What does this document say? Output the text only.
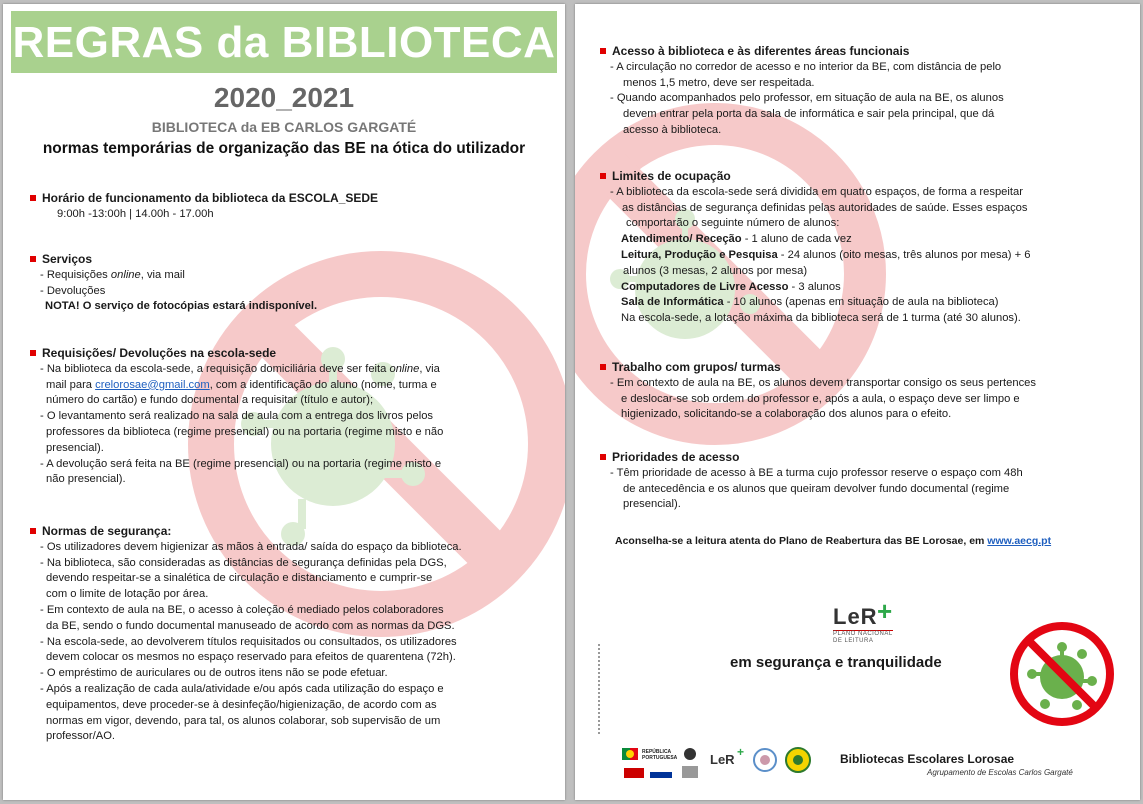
REGRAS da BIBLIOTECA
2020_2021
BIBLIOTECA da EB CARLOS GARGATÉ
normas temporárias de organização das BE na ótica do utilizador
Horário de funcionamento da biblioteca da ESCOLA_SEDE
9:00h -13:00h | 14.00h - 17.00h
Serviços
- Requisições online, via mail
- Devoluções
NOTA! O serviço de fotocópias estará indisponível.
Requisições/ Devoluções na escola-sede
- Na biblioteca da escola-sede, a requisição domiciliária deve ser feita online, via
mail para crelorosae@gmail.com, com a identificação do aluno (nome, turma e
número do cartão) e fundo documental a requisitar (título e autor);
- O levantamento será realizado na sala de aula com a entrega dos livros pelos
professores da biblioteca (regime presencial) ou na portaria (regime misto e não
presencial).
- A devolução será feita na BE (regime presencial) ou na portaria (regime misto e
não presencial).
Normas de segurança:
- Os utilizadores devem higienizar as mãos à entrada/ saída do espaço da biblioteca.
- Na biblioteca, são consideradas as distâncias de segurança definidas pela DGS,
devendo respeitar-se a sinalética de circulação e distanciamento e cumprir-se
com o limite de lotação por área.
- Em contexto de aula na BE, o acesso à coleção é mediado pelos colaboradores
da BE, sendo o fundo documental manuseado de acordo com as normas da DGS.
- Na escola-sede, ao devolverem títulos requisitados ou consultados, os utilizadores
devem colocar os mesmos no espaço reservado para efeitos de quarentena (72h).
- O empréstimo de auriculares ou de outros itens não se pode efetuar.
- Após a realização de cada aula/atividade e/ou após cada utilização do espaço e
equipamentos, deve proceder-se à desinfeção/higienização, de acordo com as
normas em vigor, devendo, para tal, os alunos colaborar, sob supervisão de um
professor/AO.
Acesso à biblioteca e às diferentes áreas funcionais
- A circulação no corredor de acesso e no interior da BE, com distância de pelo
menos 1,5 metro, deve ser respeitada.
- Quando acompanhados pelo professor, em situação de aula na BE, os alunos
devem entrar pela porta da sala de informática e sair pela principal, que dá
acesso à biblioteca.
Limites de ocupação
- A biblioteca da escola-sede será dividida em quatro espaços, de forma a respeitar
as distâncias de segurança definidas pelas autoridades de saúde. Esses espaços
comportarão o seguinte número de alunos:
Atendimento/ Receção - 1 aluno de cada vez
Leitura, Produção e Pesquisa - 24 alunos (oito mesas, três alunos por mesa) + 6
alunos (3 mesas, 2 alunos por mesa)
Computadores de Livre Acesso - 3 alunos
Sala de Informática - 10 alunos (apenas em situação de aula na biblioteca)
Na escola-sede, a lotação máxima da biblioteca será de 1 turma (até 30 alunos).
Trabalho com grupos/ turmas
- Em contexto de aula na BE, os alunos devem transportar consigo os seus pertences
e deslocar-se sob ordem do professor e, após a aula, o espaço deve ser limpo e
higienizado, solicitando-se a colaboração dos alunos para o efeito.
Prioridades de acesso
- Têm prioridade de acesso à BE a turma cujo professor reserve o espaço com 48h
de antecedência e os alunos que queiram devolver fundo documental (regime
presencial).
Aconselha-se a leitura atenta do Plano de Reabertura das BE Lorosae, em www.aecg.pt
LeR +
PLANO NACIONAL DE LEITURA
em segurança e tranquilidade
REPÚBLICA
PORTUGUESA	LeR +	Bibliotecas Escolares Lorosae
Agrupamento de Escolas Carlos Gargaté
